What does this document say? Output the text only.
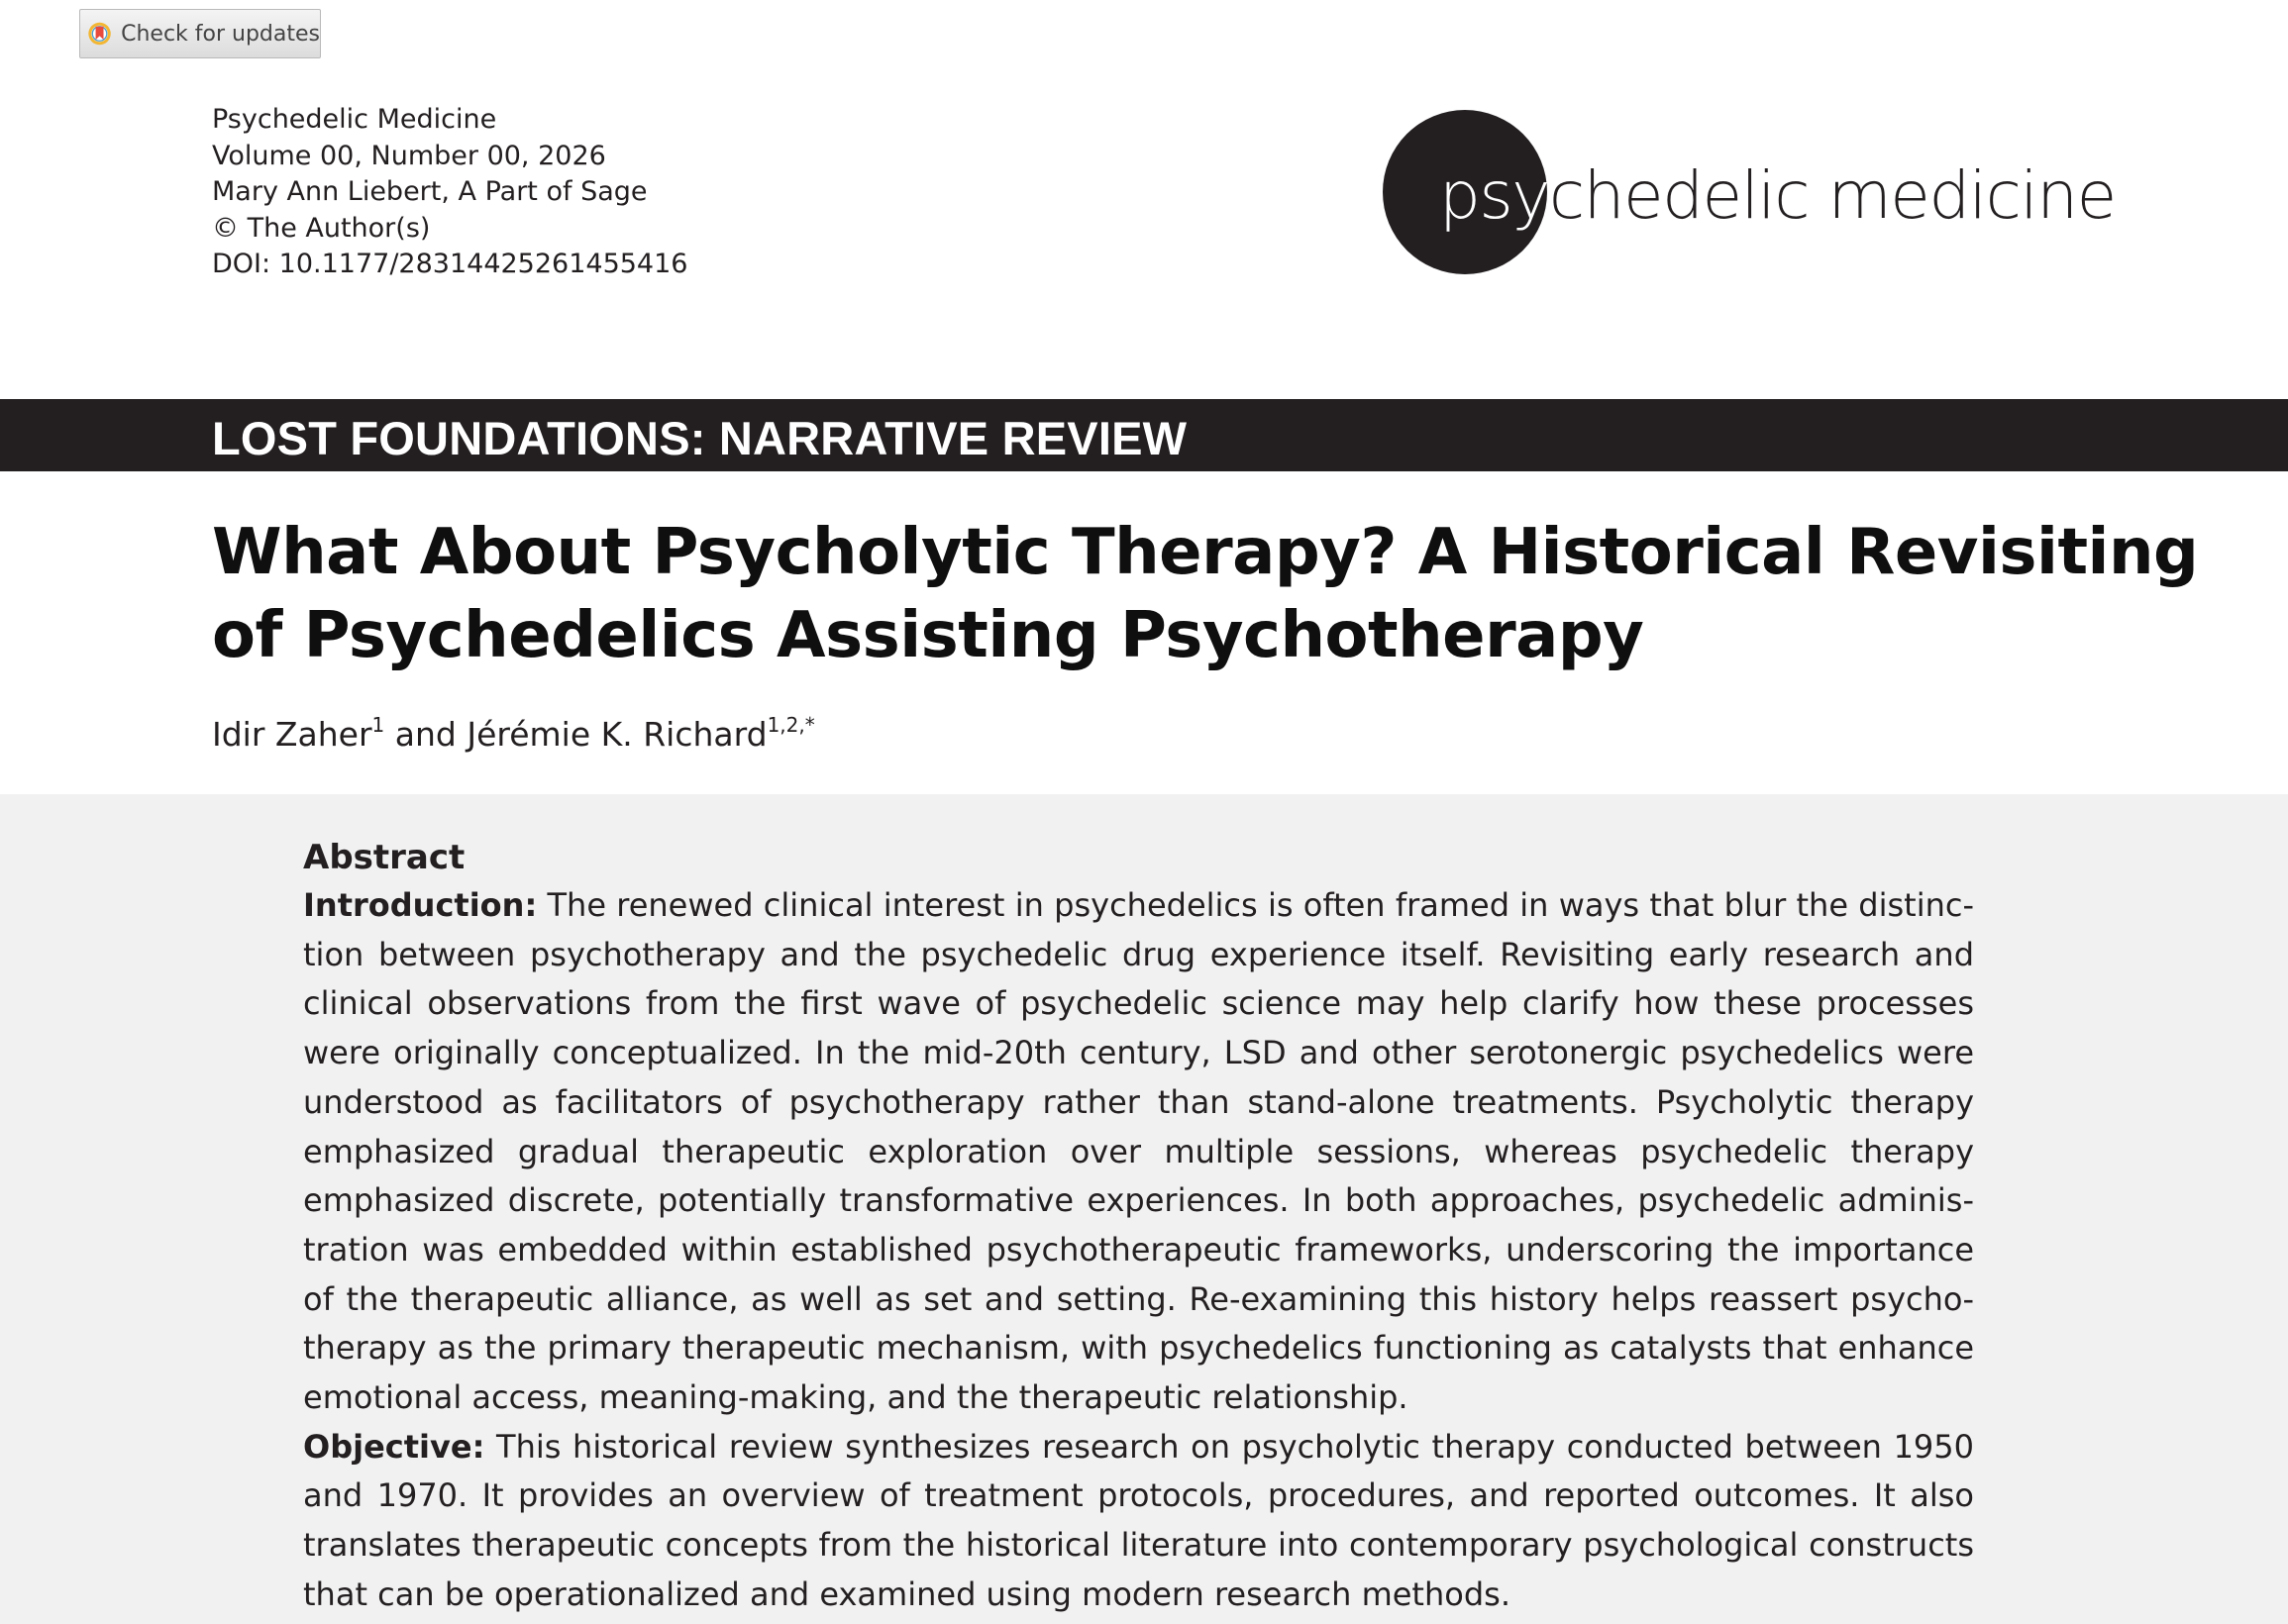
Check for updates
Psychedelic Medicine
Volume 00, Number 00, 2026
Mary Ann Liebert, A Part of Sage
© The Author(s)
DOI: 10.1177/28314425261455416
psychedelic medicine
LOST FOUNDATIONS: NARRATIVE REVIEW
What About Psycholytic Therapy? A Historical Revisiting
of Psychedelics Assisting Psychotherapy
Idir Zaher$^1$ and Jérémie K. Richard$^{1,2,*}$
Abstract

Introduction: The renewed clinical interest in psychedelics is often framed in ways that blur the distinction between psychotherapy and the psychedelic drug experience itself. Revisiting early research and clinical observations from the first wave of psychedelic science may help clarify how these processes were originally conceptualized. In the mid-20th century, LSD and other serotonergic psychedelics were understood as facilitators of psychotherapy rather than stand-alone treatments. Psycholytic therapy emphasized gradual therapeutic exploration over multiple sessions, whereas psychedelic therapy emphasized discrete, potentially transformative experiences. In both approaches, psychedelic administration was embedded within established psychotherapeutic frameworks, underscoring the importance of the therapeutic alliance, as well as set and setting. Re-examining this history helps reassert psychotherapy as the primary therapeutic mechanism, with psychedelics functioning as catalysts that enhance emotional access, meaning-making, and the therapeutic relationship.

Objective: This historical review synthesizes research on psycholytic therapy conducted between 1950 and 1970. It provides an overview of treatment protocols, procedures, and reported outcomes. It also translates therapeutic concepts from the historical literature into contemporary psychological constructs that can be operationalized and examined using modern research methods.
